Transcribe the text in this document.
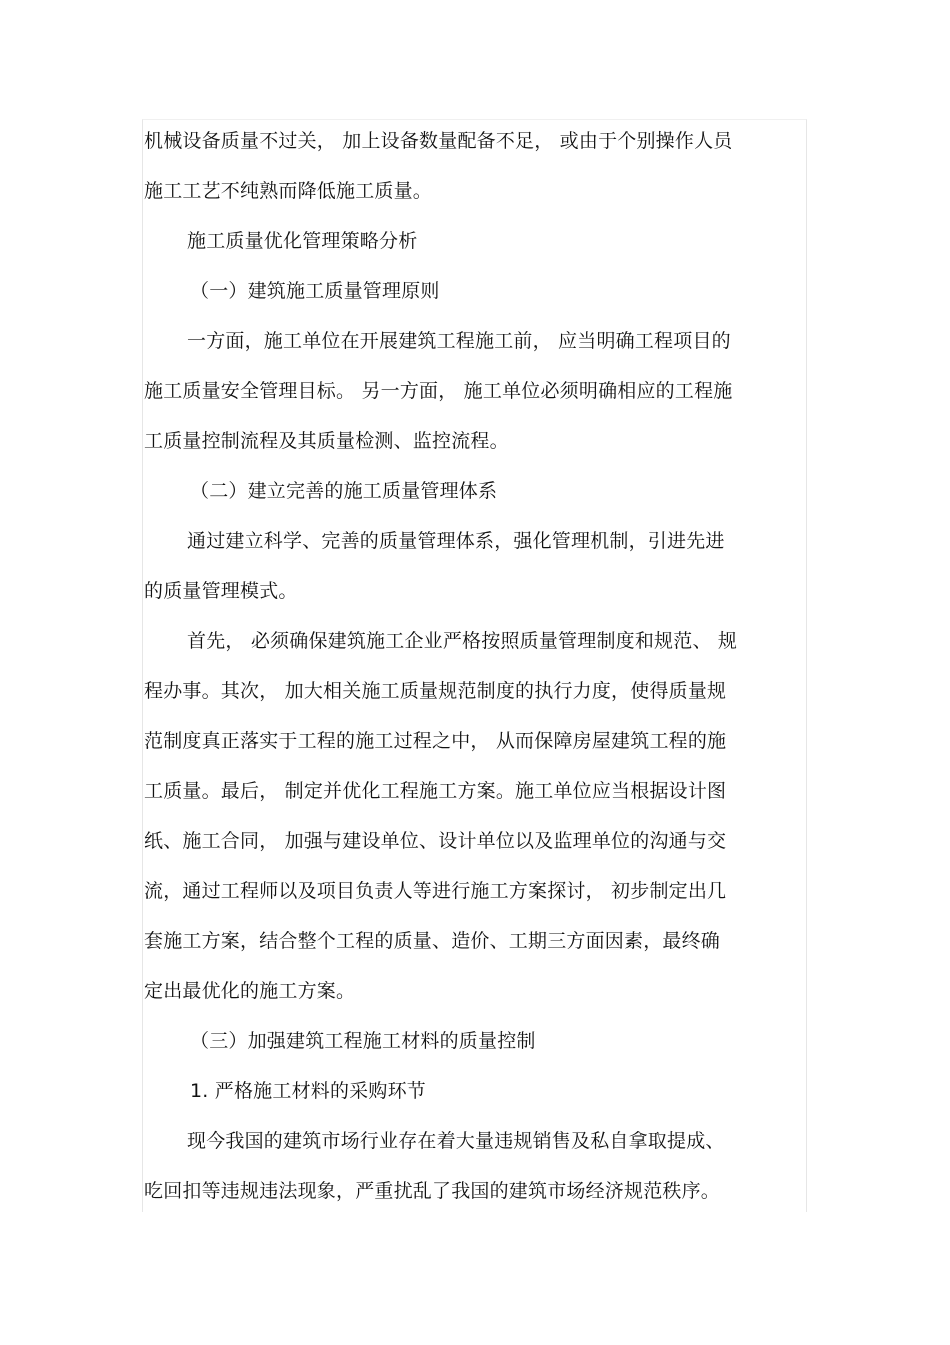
机械设备质量不过关， 加上设备数量配备不足， 或由于个别操作人员
施工工艺不纯熟而降低施工质量。
施工质量优化管理策略分析
（一）建筑施工质量管理原则
一方面，施工单位在开展建筑工程施工前， 应当明确工程项目的
施工质量安全管理目标。 另一方面， 施工单位必须明确相应的工程施
工质量控制流程及其质量检测、监控流程。
（二）建立完善的施工质量管理体系
通过建立科学、完善的质量管理体系，强化管理机制，引进先进
的质量管理模式。
首先， 必须确保建筑施工企业严格按照质量管理制度和规范、 规
程办事。其次， 加大相关施工质量规范制度的执行力度，使得质量规
范制度真正落实于工程的施工过程之中， 从而保障房屋建筑工程的施
工质量。最后， 制定并优化工程施工方案。施工单位应当根据设计图
纸、施工合同， 加强与建设单位、设计单位以及监理单位的沟通与交
流，通过工程师以及项目负责人等进行施工方案探讨， 初步制定出几
套施工方案，结合整个工程的质量、造价、工期三方面因素，最终确
定出最优化的施工方案。
（三）加强建筑工程施工材料的质量控制
1. 严格施工材料的采购环节
现今我国的建筑市场行业存在着大量违规销售及私自拿取提成、
吃回扣等违规违法现象，严重扰乱了我国的建筑市场经济规范秩序。
